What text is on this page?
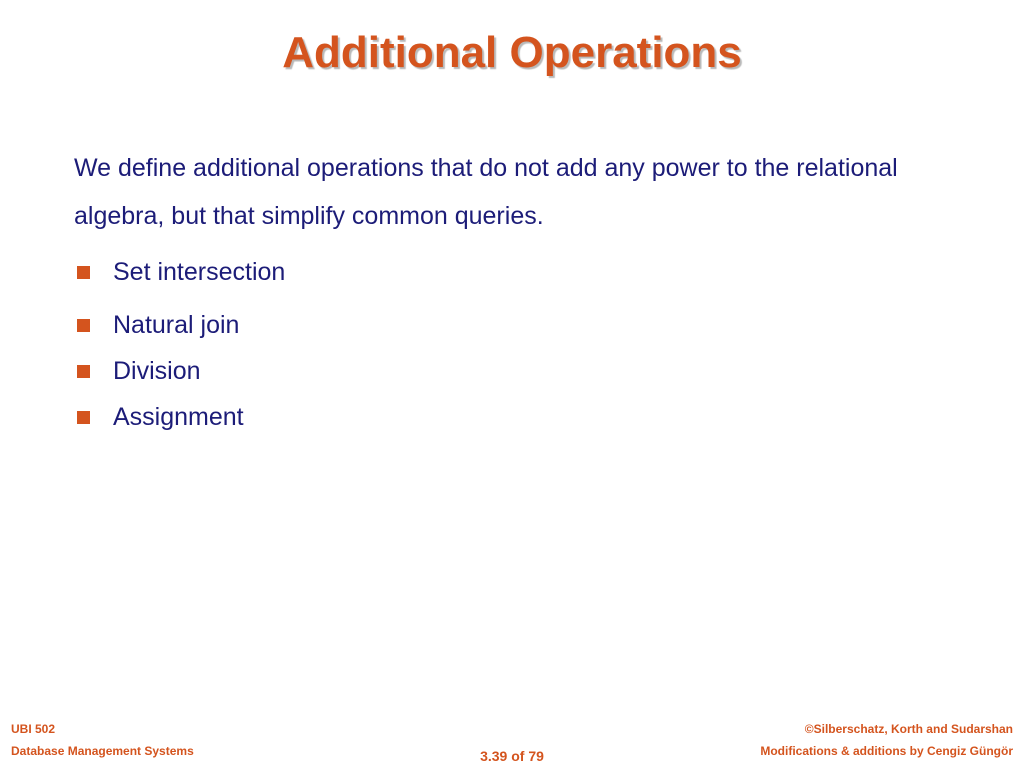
Additional Operations

We define additional operations that do not add any power to the relational algebra, but that simplify common queries.

Set intersection
Natural join
Division
Assignment
UBI 502
Database Management Systems	3.39 of 79
©Silberschatz, Korth and Sudarshan
Modifications & additions by Cengiz Güngör
